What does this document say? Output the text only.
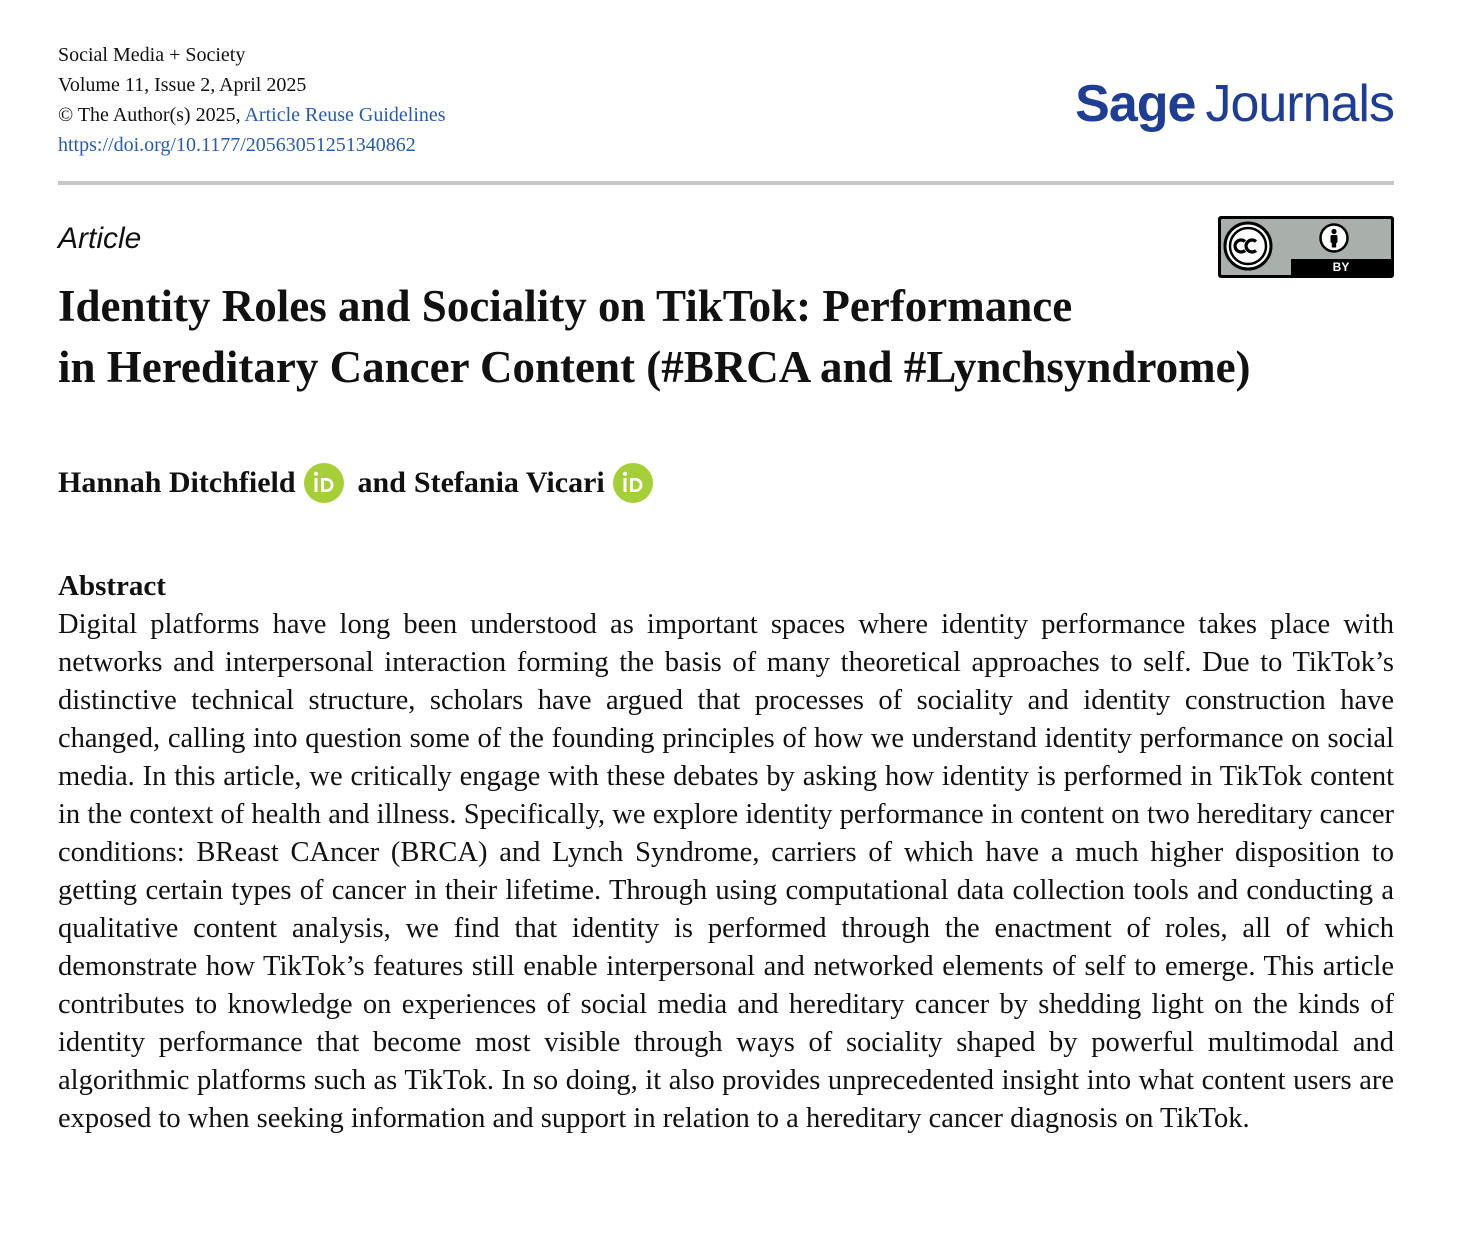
Social Media + Society
Volume 11, Issue 2, April 2025
© The Author(s) 2025, Article Reuse Guidelines
https://doi.org/10.1177/20563051251340862
Sage Journals
Article
BY
Identity Roles and Sociality on TikTok: Performance
in Hereditary Cancer Content (#BRCA and #Lynchsyndrome)
Hannah Ditchfield and Stefania Vicari
Abstract

Digital platforms have long been understood as important spaces where identity performance takes place with networks and interpersonal interaction forming the basis of many theoretical approaches to self. Due to TikTok’s distinctive technical structure, scholars have argued that processes of sociality and identity construction have changed, calling into question some of the founding principles of how we understand identity performance on social media. In this article, we critically engage with these debates by asking how identity is performed in TikTok content in the context of health and illness. Specifically, we explore identity performance in content on two hereditary cancer conditions: BReast CAncer (BRCA) and Lynch Syndrome, carriers of which have a much higher disposition to getting certain types of cancer in their lifetime. Through using computational data collection tools and conducting a qualitative content analysis, we find that identity is performed through the enactment of roles, all of which demonstrate how TikTok’s features still enable interpersonal and networked elements of self to emerge. This article contributes to knowledge on experiences of social media and hereditary cancer by shedding light on the kinds of identity performance that become most visible through ways of sociality shaped by powerful multimodal and algorithmic platforms such as TikTok. In so doing, it also provides unprecedented insight into what content users are exposed to when seeking information and support in relation to a hereditary cancer diagnosis on TikTok.
